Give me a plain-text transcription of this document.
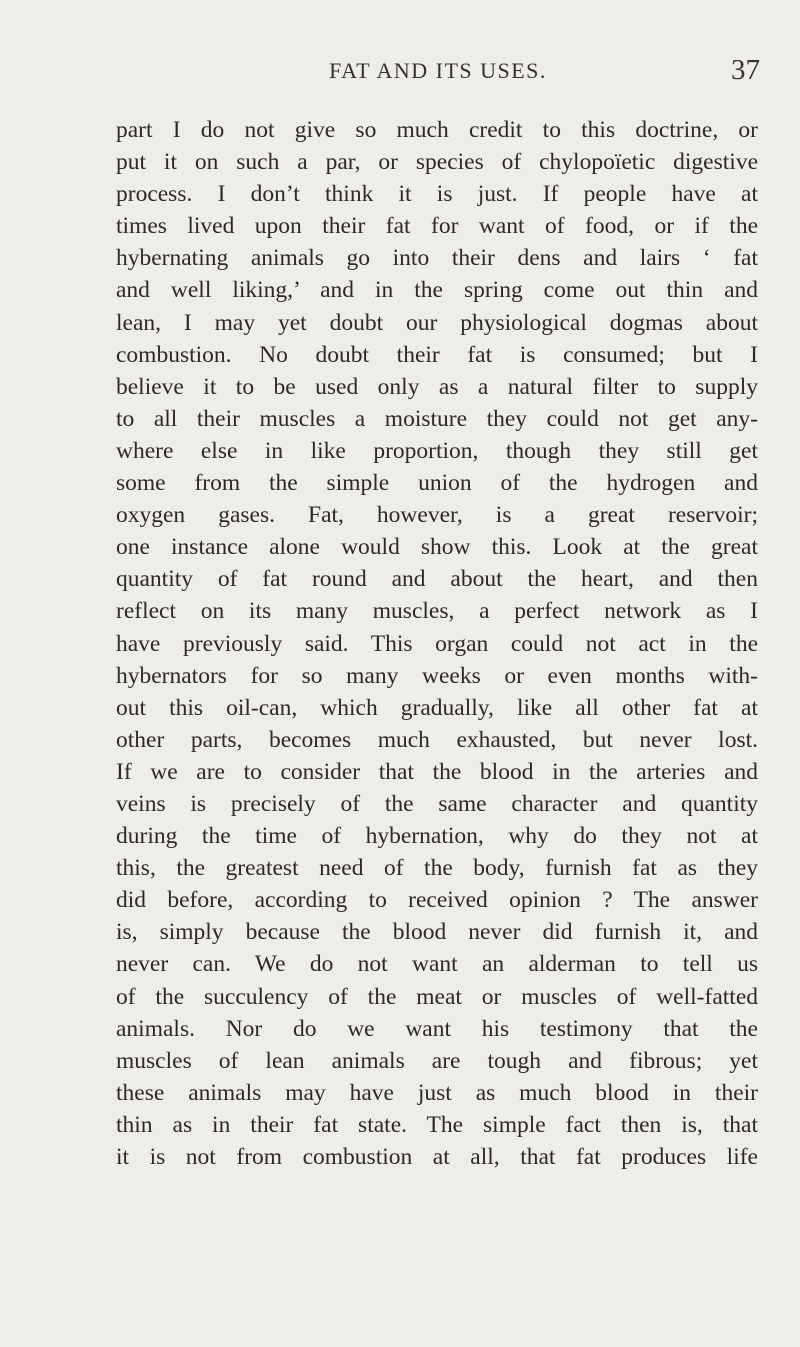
FAT AND ITS USES.	37
part I do not give so much credit to this doctrine, or
put it on such a par, or species of chylopoïetic digestive
process. I don’t think it is just. If people have at
times lived upon their fat for want of food, or if the
hybernating animals go into their dens and lairs ‘ fat
and well liking,’ and in the spring come out thin and
lean, I may yet doubt our physiological dogmas about
combustion. No doubt their fat is consumed; but I
believe it to be used only as a natural filter to supply
to all their muscles a moisture they could not get any-
where else in like proportion, though they still get
some from the simple union of the hydrogen and
oxygen gases. Fat, however, is a great reservoir;
one instance alone would show this. Look at the great
quantity of fat round and about the heart, and then
reflect on its many muscles, a perfect network as I
have previously said. This organ could not act in the
hybernators for so many weeks or even months with-
out this oil-can, which gradually, like all other fat at
other parts, becomes much exhausted, but never lost.
If we are to consider that the blood in the arteries and
veins is precisely of the same character and quantity
during the time of hybernation, why do they not at
this, the greatest need of the body, furnish fat as they
did before, according to received opinion ? The answer
is, simply because the blood never did furnish it, and
never can. We do not want an alderman to tell us
of the succulency of the meat or muscles of well-fatted
animals. Nor do we want his testimony that the
muscles of lean animals are tough and fibrous; yet
these animals may have just as much blood in their
thin as in their fat state. The simple fact then is, that
it is not from combustion at all, that fat produces life
